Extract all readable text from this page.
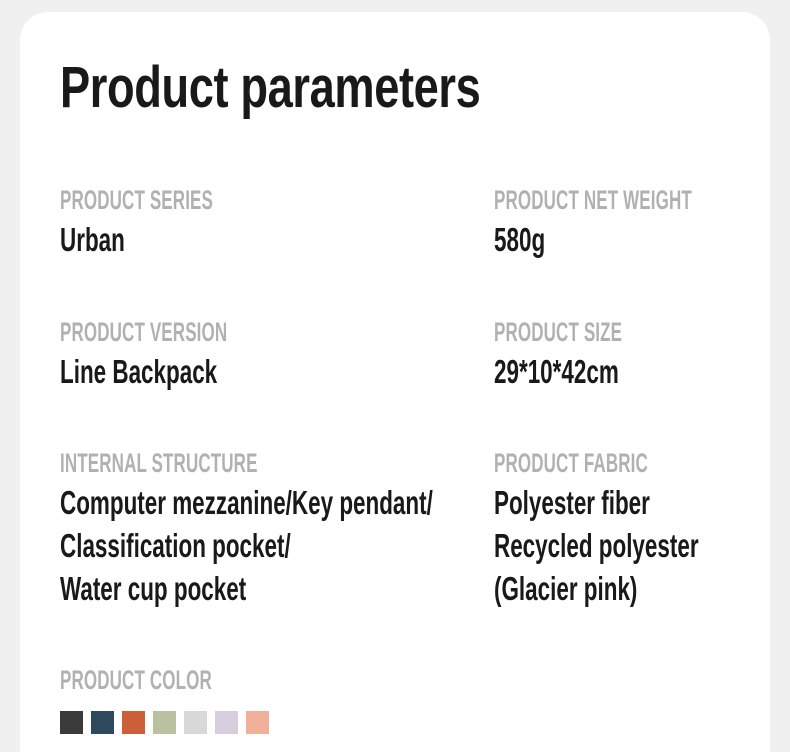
Product parameters
PRODUCT SERIES
Urban
PRODUCT NET WEIGHT
580g
PRODUCT VERSION
Line Backpack
PRODUCT SIZE
29*10*42cm
INTERNAL STRUCTURE
Computer mezzanine/Key pendant/
Classification pocket/
Water cup pocket
PRODUCT FABRIC
Polyester fiber
Recycled polyester
(Glacier pink)
PRODUCT COLOR
